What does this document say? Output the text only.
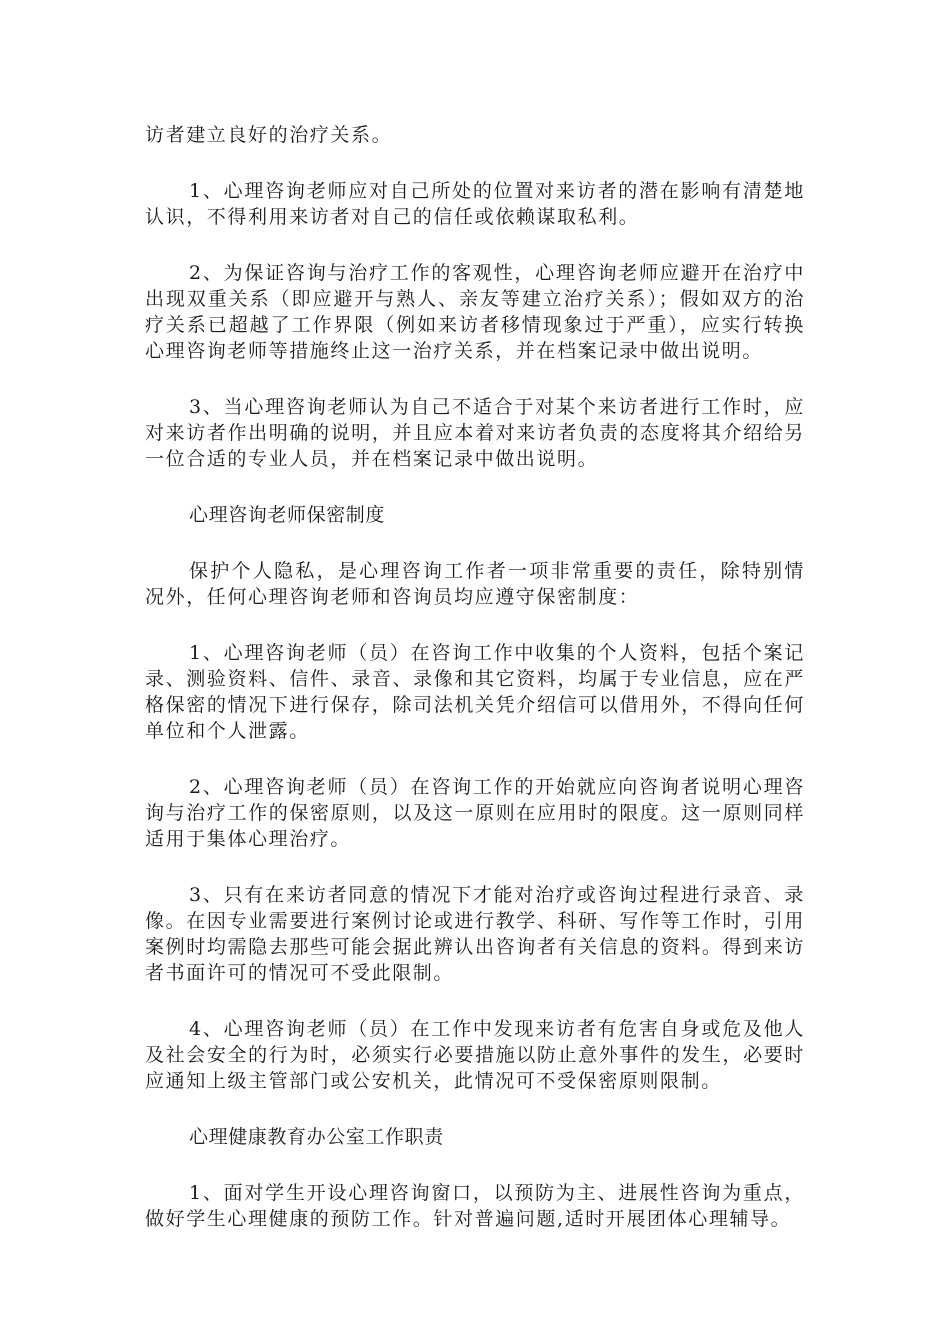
访者建立良好的治疗关系。

1、心理咨询老师应对自己所处的位置对来访者的潜在影响有清楚地认识，不得利用来访者对自己的信任或依赖谋取私利。

2、为保证咨询与治疗工作的客观性，心理咨询老师应避开在治疗中出现双重关系（即应避开与熟人、亲友等建立治疗关系）；假如双方的治疗关系已超越了工作界限（例如来访者移情现象过于严重），应实行转换心理咨询老师等措施终止这一治疗关系，并在档案记录中做出说明。

3、当心理咨询老师认为自己不适合于对某个来访者进行工作时，应对来访者作出明确的说明，并且应本着对来访者负责的态度将其介绍给另一位合适的专业人员，并在档案记录中做出说明。

心理咨询老师保密制度

保护个人隐私，是心理咨询工作者一项非常重要的责任，除特别情况外，任何心理咨询老师和咨询员均应遵守保密制度：

1、心理咨询老师（员）在咨询工作中收集的个人资料，包括个案记录、测验资料、信件、录音、录像和其它资料，均属于专业信息，应在严格保密的情况下进行保存，除司法机关凭介绍信可以借用外，不得向任何单位和个人泄露。

2、心理咨询老师（员）在咨询工作的开始就应向咨询者说明心理咨询与治疗工作的保密原则，以及这一原则在应用时的限度。这一原则同样适用于集体心理治疗。

3、只有在来访者同意的情况下才能对治疗或咨询过程进行录音、录像。在因专业需要进行案例讨论或进行教学、科研、写作等工作时，引用案例时均需隐去那些可能会据此辨认出咨询者有关信息的资料。得到来访者书面许可的情况可不受此限制。

4、心理咨询老师（员）在工作中发现来访者有危害自身或危及他人及社会安全的行为时，必须实行必要措施以防止意外事件的发生，必要时应通知上级主管部门或公安机关，此情况可不受保密原则限制。

心理健康教育办公室工作职责

1、面对学生开设心理咨询窗口，以预防为主、进展性咨询为重点，做好学生心理健康的预防工作。针对普遍问题,适时开展团体心理辅导。
